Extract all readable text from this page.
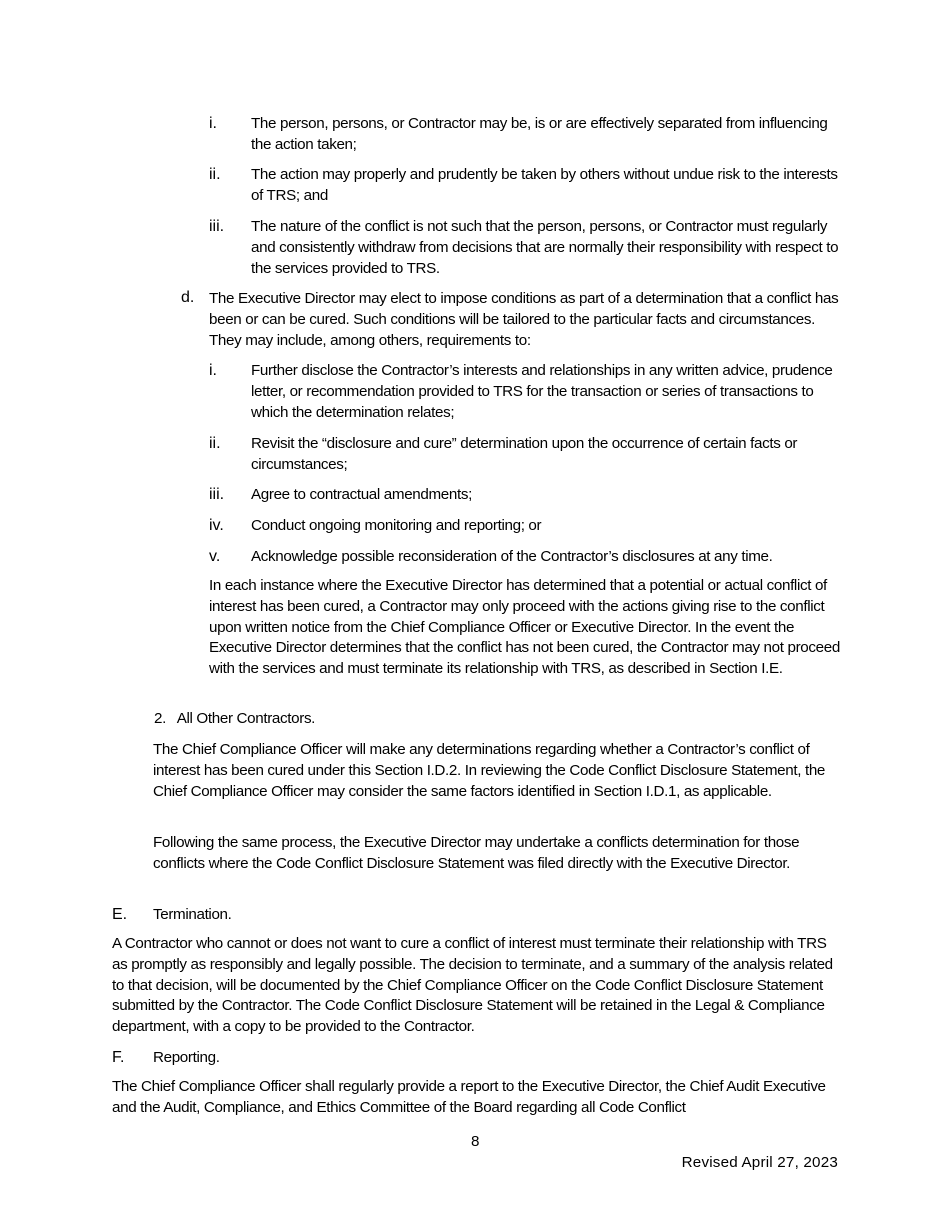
i. The person, persons, or Contractor may be, is or are effectively separated from influencing the action taken;
ii. The action may properly and prudently be taken by others without undue risk to the interests of TRS; and
iii. The nature of the conflict is not such that the person, persons, or Contractor must regularly and consistently withdraw from decisions that are normally their responsibility with respect to the services provided to TRS.
d. The Executive Director may elect to impose conditions as part of a determination that a conflict has been or can be cured. Such conditions will be tailored to the particular facts and circumstances. They may include, among others, requirements to:
i. Further disclose the Contractor’s interests and relationships in any written advice, prudence letter, or recommendation provided to TRS for the transaction or series of transactions to which the determination relates;
ii. Revisit the “disclosure and cure” determination upon the occurrence of certain facts or circumstances;
iii. Agree to contractual amendments;
iv. Conduct ongoing monitoring and reporting; or
v. Acknowledge possible reconsideration of the Contractor’s disclosures at any time.
In each instance where the Executive Director has determined that a potential or actual conflict of interest has been cured, a Contractor may only proceed with the actions giving rise to the conflict upon written notice from the Chief Compliance Officer or Executive Director. In the event the Executive Director determines that the conflict has not been cured, the Contractor may not proceed with the services and must terminate its relationship with TRS, as described in Section I.E.
2.   All Other Contractors.
The Chief Compliance Officer will make any determinations regarding whether a Contractor’s conflict of interest has been cured under this Section I.D.2. In reviewing the Code Conflict Disclosure Statement, the Chief Compliance Officer may consider the same factors identified in Section I.D.1, as applicable.
Following the same process, the Executive Director may undertake a conflicts determination for those conflicts where the Code Conflict Disclosure Statement was filed directly with the Executive Director.
E. Termination.
A Contractor who cannot or does not want to cure a conflict of interest must terminate their relationship with TRS as promptly as responsibly and legally possible. The decision to terminate, and a summary of the analysis related to that decision, will be documented by the Chief Compliance Officer on the Code Conflict Disclosure Statement submitted by the Contractor. The Code Conflict Disclosure Statement will be retained in the Legal & Compliance department, with a copy to be provided to the Contractor.
F. Reporting.
The Chief Compliance Officer shall regularly provide a report to the Executive Director, the Chief Audit Executive and the Audit, Compliance, and Ethics Committee of the Board regarding all Code Conflict
8
Revised April 27, 2023
